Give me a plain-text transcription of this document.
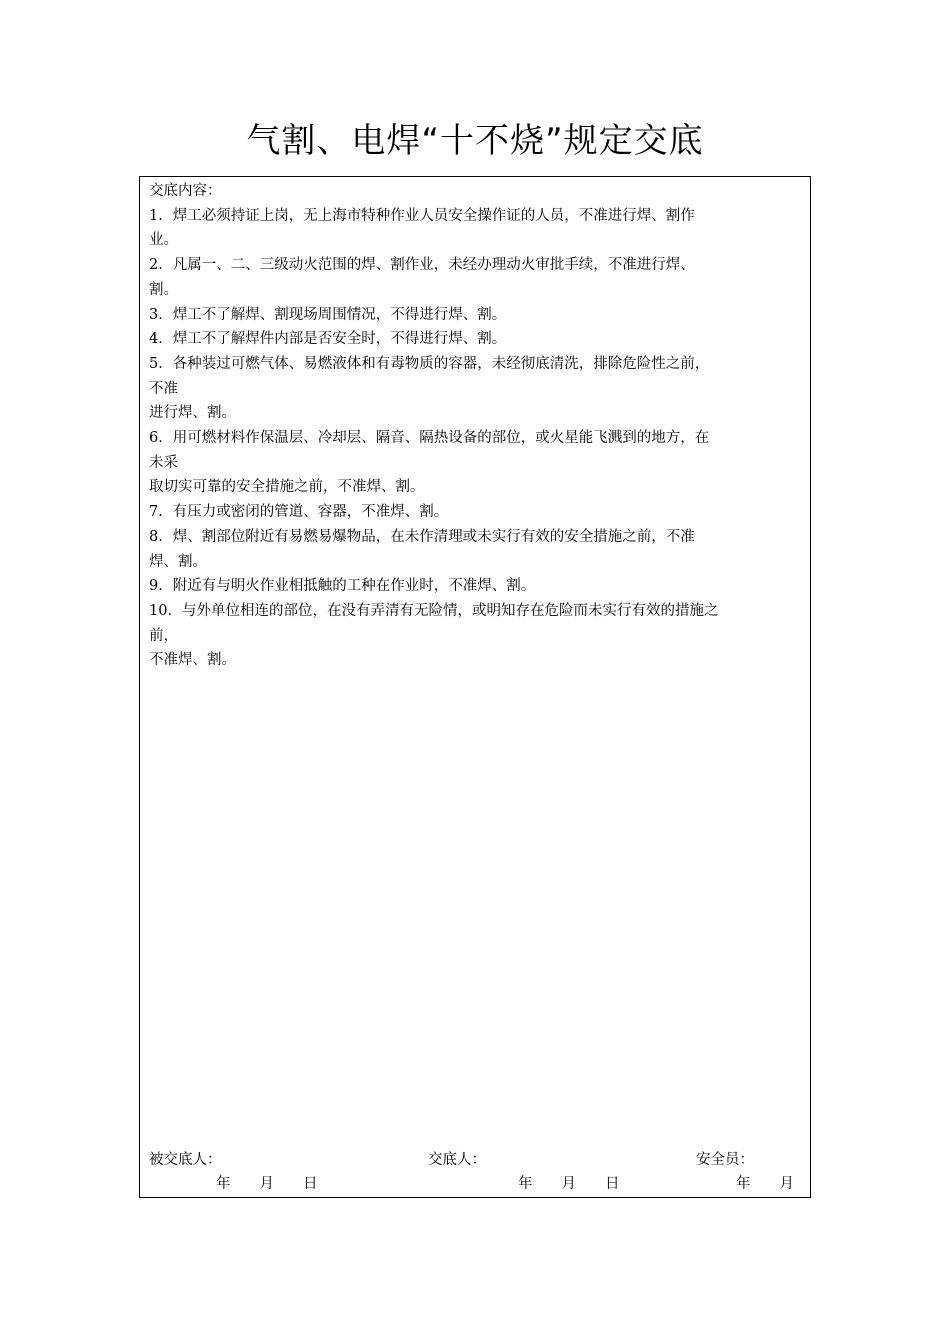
气割、电焊“十不烧”规定交底

交底内容：

1．焊工必须持证上岗，无上海市特种作业人员安全操作证的人员，不准进行焊、割作

业。

2．凡属一、二、三级动火范围的焊、割作业，未经办理动火审批手续，不准进行焊、

割。

3．焊工不了解焊、割现场周围情况，不得进行焊、割。

4．焊工不了解焊件内部是否安全时，不得进行焊、割。

5．各种装过可燃气体、易燃液体和有毒物质的容器，未经彻底清洗，排除危险性之前，

不准

进行焊、割。

6．用可燃材料作保温层、冷却层、隔音、隔热设备的部位，或火星能飞溅到的地方，在

未采

取切实可靠的安全措施之前，不准焊、割。

7．有压力或密闭的管道、容器，不准焊、割。

8．焊、割部位附近有易燃易爆物品，在未作清理或未实行有效的安全措施之前，不准

焊、割。

9．附近有与明火作业相抵触的工种在作业时，不准焊、割。

10．与外单位相连的部位，在没有弄清有无险情，或明知存在危险而未实行有效的措施之

前，

不准焊、割。

被交底人：	交底人：	安全员：
年　　月　　日	年　　月　　日	年　　月
